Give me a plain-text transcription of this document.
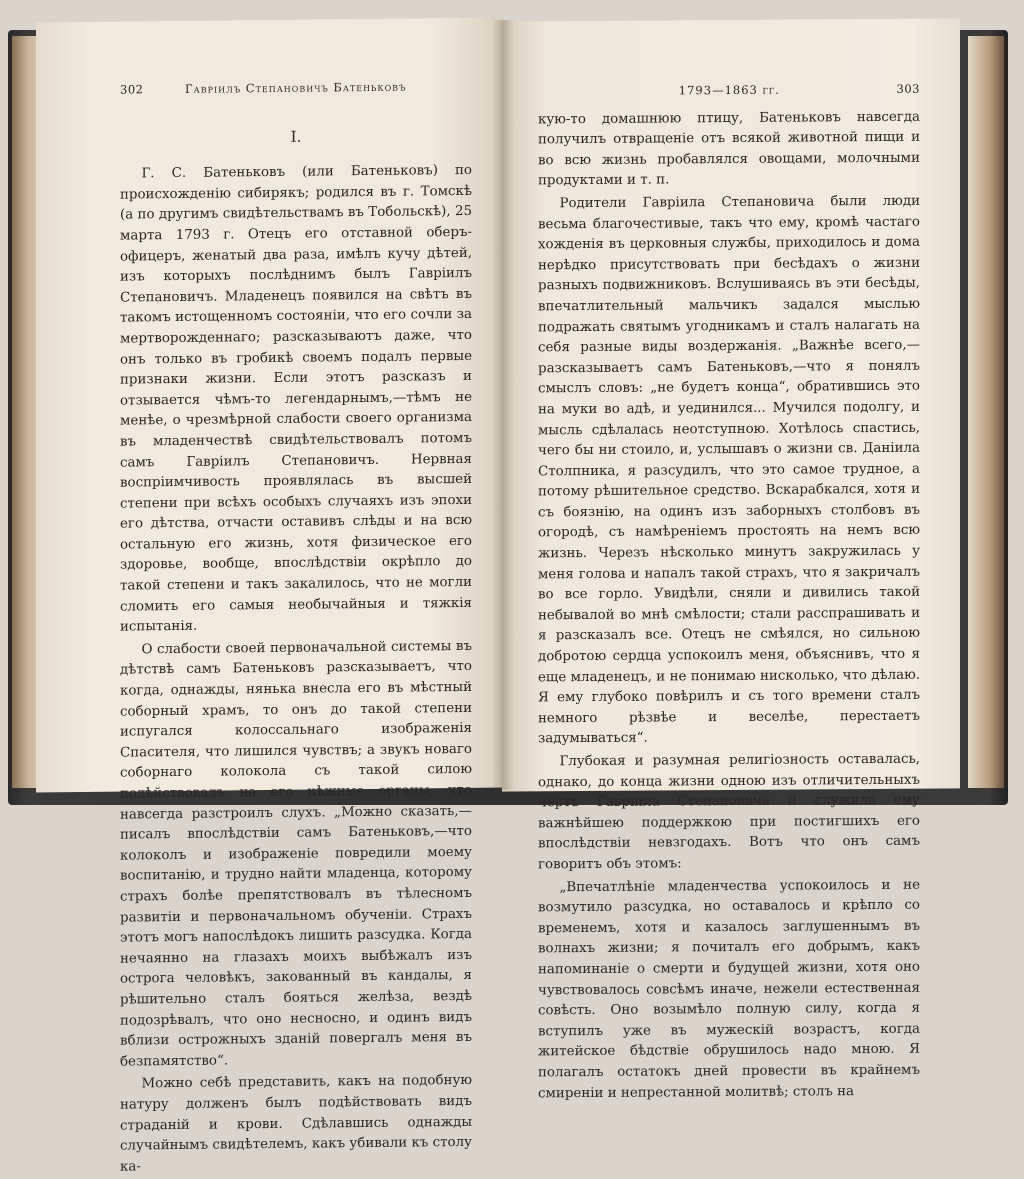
302	Гаврiилъ Степановичъ Батеньковъ
I.

Г. С. Батеньковъ (или Батеньковъ) по происхожденiю сибирякъ; родился въ г. Томскѣ (а по другимъ свидѣтельствамъ въ Тобольскѣ), 25 марта 1793 г. Отецъ его отставной оберъ-офицеръ, женатый два раза, имѣлъ кучу дѣтей, изъ которыхъ послѣднимъ былъ Гаврiилъ Степановичъ. Младенецъ появился на свѣтъ въ такомъ истощенномъ состоянiи, что его сочли за мертворожденнаго; разсказываютъ даже, что онъ только въ гробикѣ своемъ подалъ первые признаки жизни. Если этотъ разсказъ и отзывается чѣмъ-то легендарнымъ,—тѣмъ не менѣе, о чрезмѣрной слабости своего организма въ младенчествѣ свидѣтельствовалъ потомъ самъ Гаврiилъ Степановичъ. Нервная воспрiимчивость проявлялась въ высшей степени при всѣхъ особыхъ случаяхъ изъ эпохи его дѣтства, отчасти оставивъ слѣды и на всю остальную его жизнь, хотя физическое его здоровье, вообще, впослѣдствiи окрѣпло до такой степени и такъ закалилось, что не могли сломить его самыя необычайныя и тяжкiя испытанiя.

О слабости своей первоначальной системы въ дѣтствѣ самъ Батеньковъ разсказываетъ, что когда, однажды, нянька внесла его въ мѣстный соборный храмъ, то онъ до такой степени испугался колоссальнаго изображенiя Спасителя, что лишился чувствъ; а звукъ новаго соборнаго колокола съ такой силою подѣйствовалъ на его нѣжные органы, что навсегда разстроилъ слухъ. „Можно сказать,—писалъ впослѣдствiи самъ Батеньковъ,—что колоколъ и изображенiе повредили моему воспитанiю, и трудно найти младенца, которому страхъ болѣе препятствовалъ въ тѣлесномъ развитiи и первоначальномъ обученiи. Страхъ этотъ могъ напослѣдокъ лишить разсудка. Когда нечаянно на глазахъ моихъ выбѣжалъ изъ острога человѣкъ, закованный въ кандалы, я рѣшительно сталъ бояться желѣза, вездѣ подозрѣвалъ, что оно несносно, и одинъ видъ вблизи острожныхъ зданiй повергалъ меня въ безпамятство“.

Можно себѣ представить, какъ на подобную натуру долженъ былъ подѣйствовать видъ страданiй и крови. Сдѣлавшись однажды случайнымъ свидѣтелемъ, какъ убивали къ столу ка-

1793—1863 гг.	303

кую-то домашнюю птицу, Батеньковъ навсегда получилъ отвращенiе отъ всякой животной пищи и во всю жизнь пробавлялся овощами, молочными продуктами и т. п.

Родители Гаврiила Степановича были люди весьма благочестивые, такъ что ему, кромѣ частаго хожденiя въ церковныя службы, приходилось и дома нерѣдко присутствовать при бесѣдахъ о жизни разныхъ подвижниковъ. Вслушиваясь въ эти бесѣды, впечатлительный мальчикъ задался мыслью подражать святымъ угодникамъ и сталъ налагать на себя разные виды воздержанiя. „Важнѣе всего,—разсказываетъ самъ Батеньковъ,—что я понялъ смыслъ словъ: „не будетъ конца“, обратившись это на муки во адѣ, и уединился... Мучился подолгу, и мысль сдѣлалась неотступною. Хотѣлось спастись, чего бы ни стоило, и, услышавъ о жизни св. Данiила Столпника, я разсудилъ, что это самое трудное, а потому рѣшительное средство. Вскарабкался, хотя и съ боязнiю, на одинъ изъ заборныхъ столбовъ въ огородѣ, съ намѣренiемъ простоять на немъ всю жизнь. Черезъ нѣсколько минутъ закружилась у меня голова и напалъ такой страхъ, что я закричалъ во все горло. Увидѣли, сняли и дивились такой небывалой во мнѣ смѣлости; стали расспрашивать и я разсказалъ все. Отецъ не смѣялся, но сильною добротою сердца успокоилъ меня, объяснивъ, что я еще младенецъ, и не понимаю нисколько, что дѣлаю. Я ему глубоко повѣрилъ и съ того времени сталъ немного рѣзвѣе и веселѣе, перестаетъ задумываться“.

Глубокая и разумная религiозность оставалась, однако, до конца жизни одною изъ отличительныхъ чертъ Гаврiила Степановича и служила ему важнѣйшею поддержкою при постигшихъ его впослѣдствiи невзгодахъ. Вотъ что онъ самъ говоритъ объ этомъ:

„Впечатлѣнiе младенчества успокоилось и не возмутило разсудка, но оставалось и крѣпло со временемъ, хотя и казалось заглушеннымъ въ волнахъ жизни; я почиталъ его добрымъ, какъ напоминанiе о смерти и будущей жизни, хотя оно чувствовалось совсѣмъ иначе, нежели естественная совѣсть. Оно возымѣло полную силу, когда я вступилъ уже въ мужескiй возрастъ, когда житейское бѣдствiе обрушилось надо мною. Я полагалъ остатокъ дней провести въ крайнемъ смиренiи и непрестанной молитвѣ; столъ на
